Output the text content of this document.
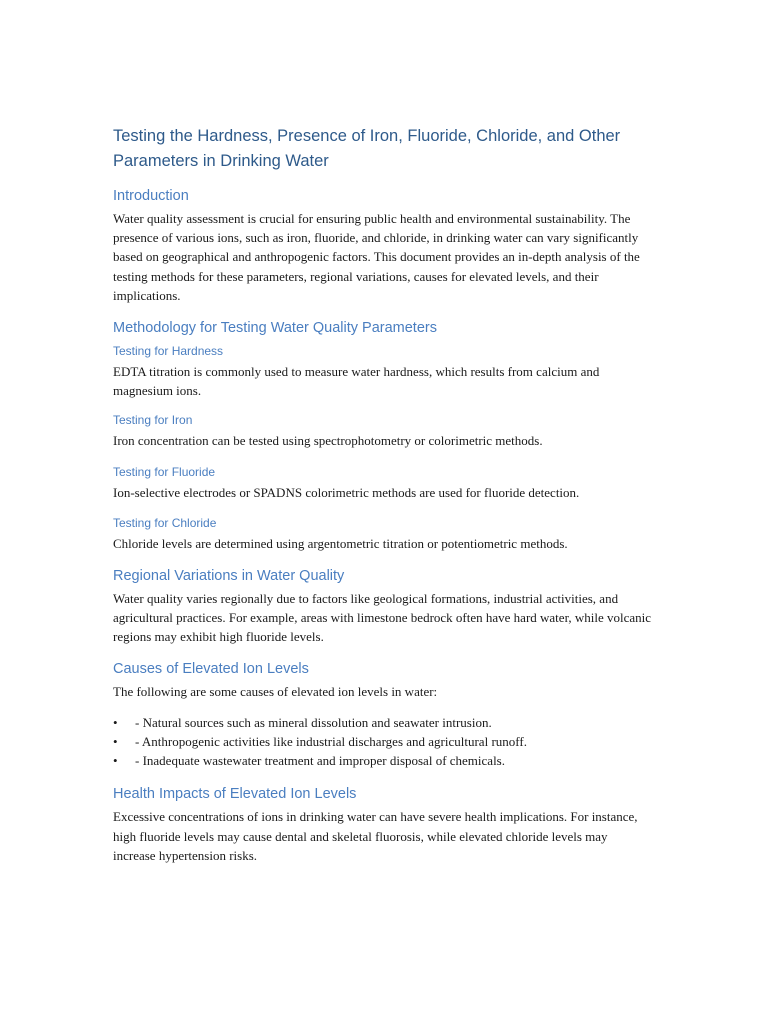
Testing the Hardness, Presence of Iron, Fluoride, Chloride, and Other Parameters in Drinking Water
Introduction

Water quality assessment is crucial for ensuring public health and environmental sustainability. The presence of various ions, such as iron, fluoride, and chloride, in drinking water can vary significantly based on geographical and anthropogenic factors. This document provides an in-depth analysis of the testing methods for these parameters, regional variations, causes for elevated levels, and their implications.

Methodology for Testing Water Quality Parameters
Testing for Hardness

EDTA titration is commonly used to measure water hardness, which results from calcium and magnesium ions.

Testing for Iron

Iron concentration can be tested using spectrophotometry or colorimetric methods.

Testing for Fluoride

Ion-selective electrodes or SPADNS colorimetric methods are used for fluoride detection.

Testing for Chloride

Chloride levels are determined using argentometric titration or potentiometric methods.

Regional Variations in Water Quality

Water quality varies regionally due to factors like geological formations, industrial activities, and agricultural practices. For example, areas with limestone bedrock often have hard water, while volcanic regions may exhibit high fluoride levels.

Causes of Elevated Ion Levels

The following are some causes of elevated ion levels in water:

• - Natural sources such as mineral dissolution and seawater intrusion.
• - Anthropogenic activities like industrial discharges and agricultural runoff.
• - Inadequate wastewater treatment and improper disposal of chemicals.
Health Impacts of Elevated Ion Levels

Excessive concentrations of ions in drinking water can have severe health implications. For instance, high fluoride levels may cause dental and skeletal fluorosis, while elevated chloride levels may increase hypertension risks.
